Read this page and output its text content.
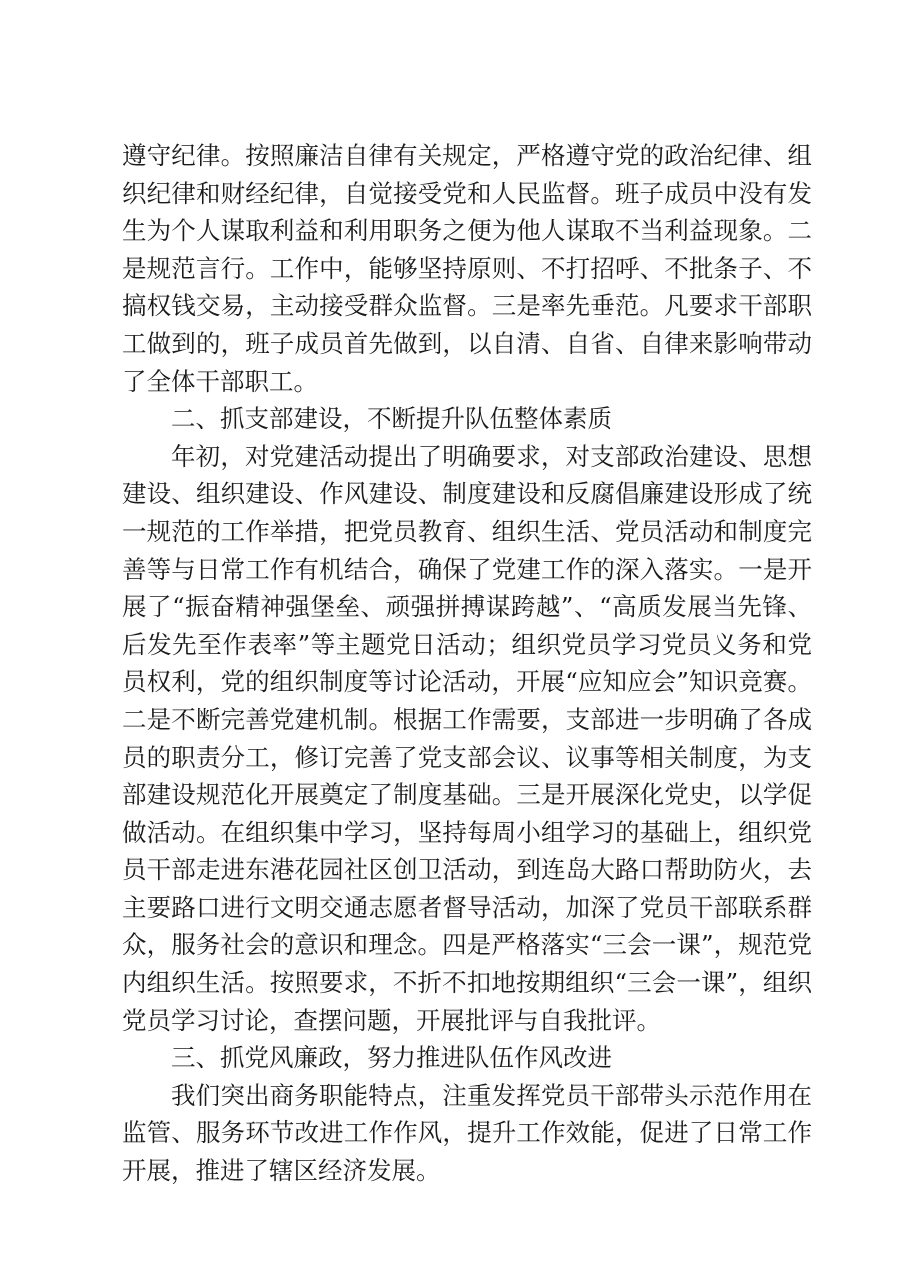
遵守纪律。按照廉洁自律有关规定，严格遵守党的政治纪律、组织纪律和财经纪律，自觉接受党和人民监督。班子成员中没有发生为个人谋取利益和利用职务之便为他人谋取不当利益现象。二是规范言行。工作中，能够坚持原则、不打招呼、不批条子、不搞权钱交易，主动接受群众监督。三是率先垂范。凡要求干部职工做到的，班子成员首先做到，以自清、自省、自律来影响带动了全体干部职工。

二、抓支部建设，不断提升队伍整体素质

年初，对党建活动提出了明确要求，对支部政治建设、思想建设、组织建设、作风建设、制度建设和反腐倡廉建设形成了统一规范的工作举措，把党员教育、组织生活、党员活动和制度完善等与日常工作有机结合，确保了党建工作的深入落实。一是开展了“振奋精神强堡垒、顽强拼搏谋跨越”、“高质发展当先锋、后发先至作表率”等主题党日活动；组织党员学习党员义务和党员权利，党的组织制度等讨论活动，开展“应知应会”知识竞赛。二是不断完善党建机制。根据工作需要，支部进一步明确了各成员的职责分工，修订完善了党支部会议、议事等相关制度，为支部建设规范化开展奠定了制度基础。三是开展深化党史，以学促做活动。在组织集中学习，坚持每周小组学习的基础上，组织党员干部走进东港花园社区创卫活动，到连岛大路口帮助防火，去主要路口进行文明交通志愿者督导活动，加深了党员干部联系群众，服务社会的意识和理念。四是严格落实“三会一课”，规范党内组织生活。按照要求，不折不扣地按期组织“三会一课”，组织党员学习讨论，查摆问题，开展批评与自我批评。

三、抓党风廉政，努力推进队伍作风改进

我们突出商务职能特点，注重发挥党员干部带头示范作用在监管、服务环节改进工作作风，提升工作效能，促进了日常工作开展，推进了辖区经济发展。
